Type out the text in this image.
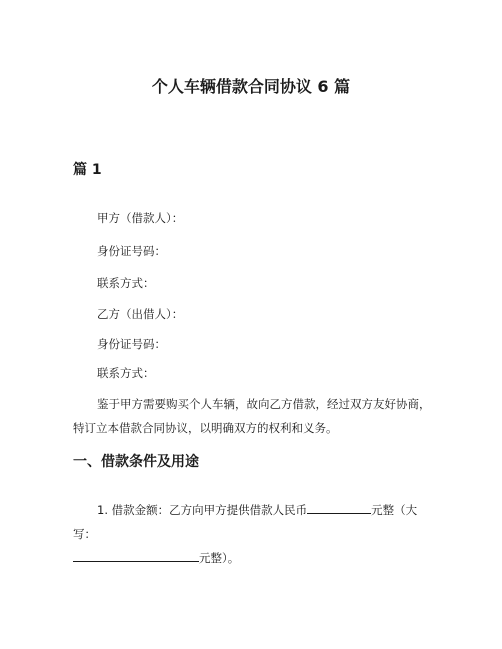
个人车辆借款合同协议 6 篇
篇 1
甲方（借款人）：
身份证号码：
联系方式：
乙方（出借人）：
身份证号码：
联系方式：
鉴于甲方需要购买个人车辆，故向乙方借款，经过双方友好协商，特订立本借款合同协议，以明确双方的权利和义务。
一、借款条件及用途
1. 借款金额：乙方向甲方提供借款人民币	元整（大写：
元整）。
